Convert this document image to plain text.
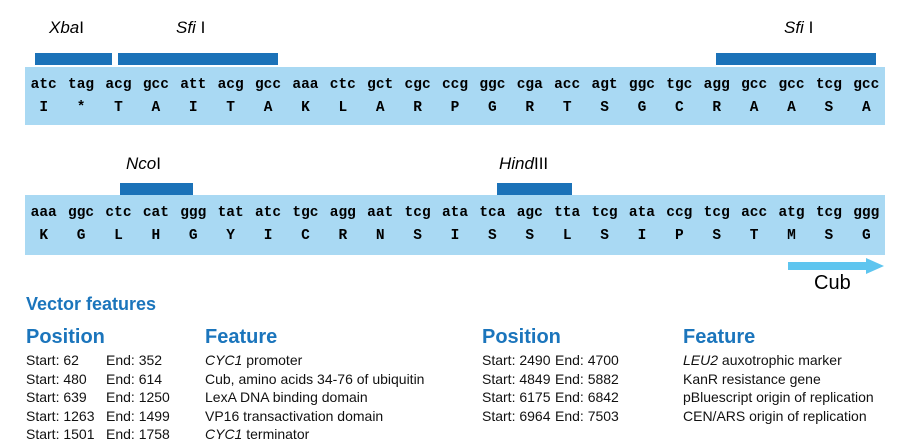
XbaI	Sfi I	Sfi I
atc tag acg gcc att acg gcc aaa ctc gct cgc ccg ggc cga acc agt ggc tgc agg gcc gcc tcg gcc
I	*	T	A	I	T	A	K	L	A	R	P	G	R	T	S	G	C	R	A	A	S	A
NcoI	HindIII
aaa ggc ctc cat ggg tat atc tgc agg aat tcg ata tca agc tta tcg ata ccg tcg acc atg tcg ggg
K	G	L	H	G	Y	I	C	R	N	S	I	S	S	L	S	I	P	S	T	M	S	G
Cub
Vector features
Position	Feature
Start: 62	End: 352	CYC1 promoter
Start: 480	End: 614	Cub, amino acids 34-76 of ubiquitin
Start: 639	End: 1250	LexA DNA binding domain
Start: 1263 End: 1499	VP16 transactivation domain
Start: 1501 End: 1758	CYC1 terminator
Position	Feature
Start: 2490 End: 4700	LEU2 auxotrophic marker
Start: 4849 End: 5882	KanR resistance gene
Start: 6175 End: 6842	pBluescript origin of replication
Start: 6964 End: 7503	CEN/ARS origin of replication
